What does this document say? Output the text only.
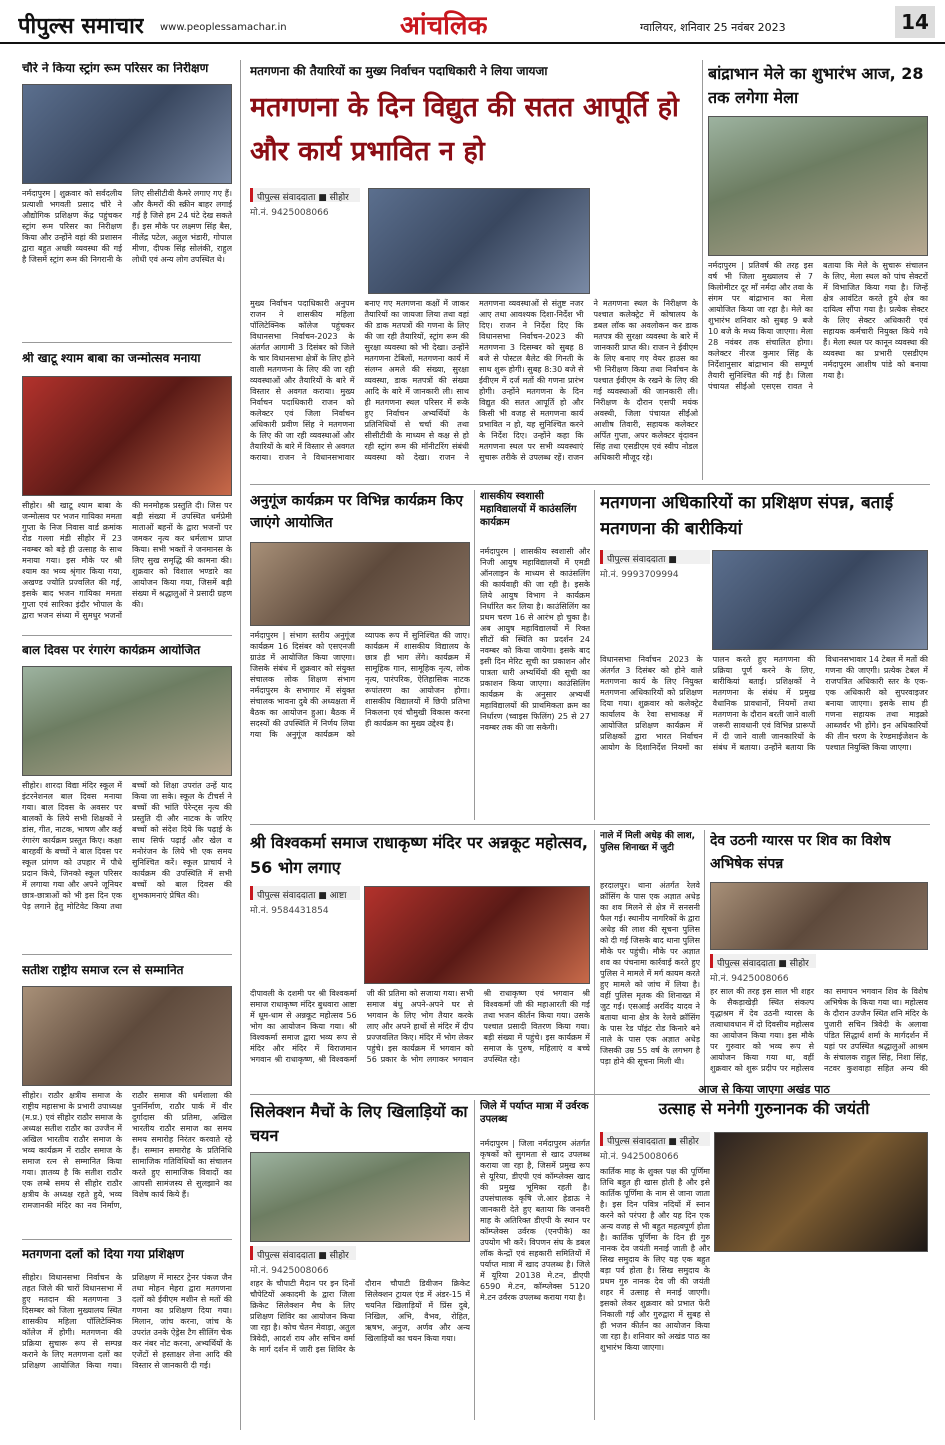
पीपुल्स समाचार www.peoplessamachar.in	आंचलिक	ग्वालियर, शनिवार 25 नवंबर 2023	14
चौरे ने किया स्ट्रांग रूम परिसर का निरीक्षण
नर्मदापुरम | शुक्रवार को सर्वदलीय प्रत्याशी भगवती प्रसाद चौरे ने औद्योगिक प्रशिक्षण केंद्र पहुंचकर स्ट्रांग रूम परिसर का निरीक्षण किया और उन्होंने वहां की प्रशासन द्वारा बहुत अच्छी व्यवस्था की गई है जिसमें स्ट्रांग रूम की निगरानी के लिए सीसीटीवी कैमरे लगाए गए हैं। और कैमरों की स्क्रीन बाहर लगाई गई है जिसे हम 24 घंटे देख सकते हैं। इस मौके पर लक्ष्मण सिंह बैस, नीलेंद्र पटेल, अतुल भंडारी, गोपाल मीणा, दीपक सिंह सोलंकी, राहुल लोधी एवं अन्य लोग उपस्थित थे।
श्री खाटू श्याम बाबा का जन्मोत्सव मनाया
सीहोर। श्री खाटू श्याम बाबा के जन्मोत्सव पर भजन गायिका ममता गुप्ता के निज निवास वार्ड क्रमांक रोड गल्ला मंडी सीहोर में 23 नवम्बर को बड़े ही उत्साह के साथ मनाया गया। इस मौके पर श्री श्याम का भव्य श्रृंगार किया गया, अखण्ड ज्योति प्रज्वलित की गई, इसके बाद भजन गायिका ममता गुप्ता एवं सारिका इंदौर भोपाल के द्वारा भजन संध्या में सुमधुर भजनों की मनमोहक प्रस्तुति दी। जिस पर बड़ी संख्या में उपस्थित धर्मप्रेमी माताओं बहनों के द्वारा भजनों पर जमकर नृत्य कर धर्मलाभ प्राप्त किया। सभी भक्तों ने जनमानस के लिए सुख समृद्धि की कामना की। शुक्रवार को विशाल भण्डारे का आयोजन किया गया, जिसमें बड़ी संख्या में श्रद्धालुओं ने प्रसादी ग्रहण की।
बाल दिवस पर रंगारंग कार्यक्रम आयोजित
सीहोर। शारदा विद्या मंदिर स्कूल में इंटरनेशनल बाल दिवस मनाया गया। बाल दिवस के अवसर पर बालकों के लिये सभी शिक्षकों ने डांस, गीत, नाटक, भाषण और कई रंगारंग कार्यक्रम प्रस्तुत किए। कक्षा बारहवीं के बच्चों ने बाल दिवस पर स्कूल प्रांगण को उपहार में पौधे प्रदान किये, जिनको स्कूल परिसर में लगाया गया और अपने जूनियर छात्र-छात्राओं को भी इस दिन एक पेड़ लगाने हेतु मोटिवेट किया तथा बच्चों को शिक्षा उपरांत उन्हें याद किया जा सके। स्कूल के टीचर्स ने बच्चों की भांति पेरेन्ट्स नृत्य की प्रस्तुति दी और नाटक के जरिए बच्चों को संदेश दिये कि पढ़ाई के साथ सिर्फ पढ़ाई और खेल व मनोरंजन के लिये भी एक समय सुनिश्चित करें। स्कूल प्राचार्य ने कार्यक्रम की उपस्थिति में सभी बच्चों को बाल दिवस की शुभकामनाएं प्रेषित की।
सतीश राष्ट्रीय समाज रत्न से सम्मानित
सीहोर। राठौर क्षत्रीय समाज के राष्ट्रीय महासभा के प्रभारी उपाध्यक्ष (म.प्र.) एवं सीहोर राठौर समाज के अध्यक्ष सतीश राठौर का उज्जैन में अखिल भारतीय राठौर समाज के भव्य कार्यक्रम में राठौर समाज के समाज रत्न से सम्मानित किया गया। ज्ञातव्य है कि सतीश राठौर एक लम्बे समय से सीहोर राठौर क्षत्रीय के अध्यक्ष रहते हुये, भव्य रामजानकी मंदिर का नव निर्माण, राठौर समाज की धर्मशाला की पुनर्निर्माण, राठौर पार्क में वीर दुर्गादास की प्रतिमा, अखिल भारतीय राठौर समाज का समय समय समारोह निरंतर करवाते रहे हैं। सम्मान समारोह के प्रतिनिधि सामाजिक गतिविधियों का संचालन करते हुए सामाजिक विवादों का आपसी सामंजस्य से सुलझाने का विशेष कार्य किये हैं।
मतगणना दलों को दिया गया प्रशिक्षण
सीहोर। विधानसभा निर्वाचन के तहत जिले की चारों विधानसभा में हुए मतदान की मतगणना 3 दिसम्बर को जिला मुख्यालय स्थित शासकीय महिला पॉलिटेक्निक कॉलेज में होगी। मतगणना की प्रक्रिया सुचारू रूप से सम्पन्न कराने के लिए मतगणना दलों का प्रशिक्षण आयोजित किया गया। प्रशिक्षण में मास्टर ट्रेनर पंकज जैन तथा मोहन मेहरा द्वारा मतगणना दलों को ईवीएम मशीन से मतों की गणना का प्रशिक्षण दिया गया। मिलान, जांच करना, जांच के उपरांत उनके ऐड्रेस टैग सीलिंग चेक कर नंबर नोट करना, अभ्यर्थियों के एजेंटों से हस्ताक्षर लेना आदि की विस्तार से जानकारी दी गई।
मतगणना की तैयारियों का मुख्य निर्वाचन पदाधिकारी ने लिया जायजा
मतगणना के दिन विद्युत की सतत आपूर्ति हो और कार्य प्रभावित न हो
पीपुल्स संवाददाता ■ सीहोर
मो.नं. 9425008066
मुख्य निर्वाचन पदाधिकारी अनुपम राजन ने शासकीय महिला पॉलिटेक्निक कॉलेज पहुंचकर विधानसभा निर्वाचन-2023 के अंतर्गत आगामी 3 दिसंबर को जिले के चार विधानसभा क्षेत्रों के लिए होने वाली मतगणना के लिए की जा रही व्यवस्थाओं और तैयारियों के बारे में विस्तार से अवगत कराया। मुख्य निर्वाचन पदाधिकारी राजन को कलेक्टर एवं जिला निर्वाचन अधिकारी प्रवीण सिंह ने मतगणना के लिए की जा रही व्यवस्थाओं और तैयारियों के बारे में विस्तार से अवगत कराया। राजन ने विधानसभावार बनाए गए मतगणना कक्षों में जाकर तैयारियों का जायजा लिया तथा वहां की डाक मतपत्रों की गणना के लिए की जा रही तैयारियों, स्ट्रांग रूम की सुरक्षा व्यवस्था को भी देखा। उन्होंने मतगणना टेबिलों, मतगणना कार्य में संलग्न अमले की संख्या, सुरक्षा व्यवस्था, डाक मतपत्रों की संख्या आदि के बारे में जानकारी ली। साथ ही मतगणना स्थल परिसर में रूके हुए निर्वाचन अभ्यर्थियों के प्रतिनिधियों से चर्चा की तथा सीसीटीवी के माध्यम से कक्ष से हो रही स्ट्रांग रूम की मॉनीटरिंग संबंधी व्यवस्था को देखा। राजन ने मतगणना व्यवस्थाओं से संतुष्ट नजर आए तथा आवश्यक दिशा-निर्देश भी दिए। राजन ने निर्देश दिए कि विधानसभा निर्वाचन-2023 की मतगणना 3 दिसम्बर को सुबह 8 बजे से पोस्टल बैलेट की गिनती के साथ शुरू होगी। सुबह 8:30 बजे से ईवीएम में दर्ज मतों की गणना प्रारंभ होगी। उन्होंने मतगणना के दिन विद्युत की सतत आपूर्ति हो और किसी भी वजह से मतगणना कार्य प्रभावित न हो, यह सुनिश्चित करने के निर्देश दिए। उन्होंने कहा कि मतगणना स्थल पर सभी व्यवस्थाएं सुचारू तरीके से उपलब्ध रहें। राजन ने मतगणना स्थल के निरीक्षण के पश्चात कलेक्ट्रेट में कोषालय के डबल लॉक का अवलोकन कर डाक मतपत्र की सुरक्षा व्यवस्था के बारे में जानकारी प्राप्त की। राजन ने ईवीएम के लिए बनाए गए वेयर हाउस का भी निरीक्षण किया तथा निर्वाचन के पश्चात ईवीएम के रखने के लिए की गई व्यवस्थाओं की जानकारी ली। निरीक्षण के दौरान एसपी मयंक अवस्थी, जिला पंचायत सीईओ आशीष तिवारी, सहायक कलेक्टर अर्पित गुप्ता, अपर कलेक्टर वृंदावन सिंह तथा एसडीएम एवं स्वीप नोडल अधिकारी मौजूद रहे।
बांद्राभान मेले का शुभारंभ आज, 28 तक लगेगा मेला
नर्मदापुरम | प्रतिवर्ष की तरह इस वर्ष भी जिला मुख्यालय से 7 किलोमीटर दूर माँ नर्मदा और तवा के संगम पर बांद्राभान का मेला आयोजित किया जा रहा है। मेले का शुभारंभ शनिवार को सुबह 9 बजे 10 बजे के मध्य किया जाएगा। मेला 28 नवंबर तक संचालित होगा। कलेक्टर नीरज कुमार सिंह के निर्देशानुसार बांद्राभान की सम्पूर्ण तैयारी सुनिश्चित की गई है। जिला पंचायत सीईओ एसएस रावत ने बताया कि मेले के सुचारू संचालन के लिए, मेला स्थल को पांच सेक्टरों में विभाजित किया गया है। जिन्हें क्षेत्र आवंटित करते हुये क्षेत्र का दायित्व सौंपा गया है। प्रत्येक सेक्टर के लिए सेक्टर अधिकारी एवं सहायक कर्मचारी नियुक्त किये गये हैं। मेला स्थल पर कानून व्यवस्था की व्यवस्था का प्रभारी एसडीएम नर्मदापुरम आशीष पांडे को बनाया गया है।
अनुगूंज कार्यक्रम पर विभिन्न कार्यक्रम किए जाएंगे आयोजित
नर्मदापुरम | संभाग स्तरीय अनुगूंज कार्यक्रम 16 दिसंबर को एसएनजी ग्राउंड में आयोजित किया जाएगा। जिसके संबंध में शुक्रवार को संयुक्त संचालक लोक शिक्षण संभाग नर्मदापुरम के सभागार में संयुक्त संचालक भावना दुबे की अध्यक्षता में बैठक का आयोजन हुआ। बैठक में सदस्यों की उपस्थिति में निर्णय लिया गया कि अनुगूंज कार्यक्रम को व्यापक रूप में सुनिश्चित की जाए। कार्यक्रम में शासकीय विद्यालय के छात्र ही भाग लेंगे। कार्यक्रम में सामूहिक गान, सामूहिक नृत्य, लोक नृत्य, पारंपरिक, ऐतिहासिक नाटक रूपांतरण का आयोजन होगा। शासकीय विद्यालयों में छिपी प्रतिभा निकलना एवं चौमुखी विकास करना ही कार्यक्रम का मुख्य उद्देश्य है।
शासकीय स्वशासी महाविद्यालयों में काउंसलिंग कार्यक्रम
नर्मदापुरम | शासकीय स्वशासी और निजी आयुष महाविद्यालयों में एमडी ऑनलाइन के माध्यम से काउंसलिंग की कार्यवाही की जा रही है। इसके लिये आयुष विभाग ने कार्यक्रम निर्धारित कर लिया है। काउंसिलिंग का प्रथम चरण 16 से आरंभ हो चुका है। अब आयुष महाविद्यालयों में रिक्त सीटों की स्थिति का प्रदर्शन 24 नवम्बर को किया जायेगा। इसके बाद इसी दिन मेरिट सूची का प्रकाशन और पात्रता धारी अभ्यर्थियों की सूची का प्रकाशन किया जाएगा। काउंसिलिंग कार्यक्रम के अनुसार अभ्यर्थी महाविद्यालयों की प्राथमिकता क्रम का निर्धारण (च्वाइस फिलिंग) 25 से 27 नवम्बर तक की जा सकेगी।
मतगणना अधिकारियों का प्रशिक्षण संपन्न, बताई मतगणना की बारीकियां
पीपुल्स संवाददाता ■
मो.नं. 9993709994
विधानसभा निर्वाचन 2023 के अंतर्गत 3 दिसंबर को होने वाले मतगणना कार्य के लिए नियुक्त मतगणना अधिकारियों को प्रशिक्षण दिया गया। शुक्रवार को कलेक्ट्रेट कार्यालय के रेवा सभाकक्ष में आयोजित प्रशिक्षण कार्यक्रम में प्रशिक्षकों द्वारा भारत निर्वाचन आयोग के दिशानिर्देश नियमों का पालन करते हुए मतगणना की प्रक्रिया पूर्ण करने के लिए, बारीकियां बताई। प्रशिक्षकों ने मतगणना के संबंध में प्रमुख वैधानिक प्रावधानों, नियमों तथा मतगणना के दौरान बरती जाने वाली जरूरी सावधानी एवं विभिन्न प्रारूपों में दी जाने वाली जानकारियों के संबंध में बताया। उन्होंने बताया कि विधानसभावार 14 टेबल में मतों की गणना की जाएगी। प्रत्येक टेबल में राजपत्रित अधिकारी स्तर के एक-एक अधिकारी को सुपरवाइजर बनाया जाएगा। इसके साथ ही गणना सहायक तथा माइक्रो आब्जर्वर भी होंगे। इन अधिकारियों की तीन चरण के रेण्डमाईजेशन के पश्चात नियुक्ति किया जाएगा।
श्री विश्वकर्मा समाज राधाकृष्ण मंदिर पर अन्नकूट महोत्सव, 56 भोग लगाए
पीपुल्स संवाददाता ■ आष्टा
मो.नं. 9584431854
दीपावली के दशमी पर श्री विश्वकर्मा समाज राधाकृष्ण मंदिर बुधवारा आष्टा में धूम-धाम से अन्नकूट महोत्सव 56 भोग का आयोजन किया गया। श्री विश्वकर्मा समाज द्वारा भव्य रूप से मंदिर और मंदिर में विराजमान भगवान श्री राधाकृष्ण, श्री विश्वकर्मा जी की प्रतिमा को सजाया गया। सभी समाज बंधु अपने-अपने घर से भगवान के लिए भोग तैयार करके लाए और अपने हाथों से मंदिर में दीप प्रज्जवलित किए। मंदिर में भोग लेकर पहुंचे। इस कार्यक्रम में भगवान को 56 प्रकार के भोग लगाकर भगवान श्री राधाकृष्ण एवं भगवान श्री विश्वकर्मा जी की महाआरती की गई तथा भजन कीर्तन किया गया। उसके पश्चात प्रसादी वितरण किया गया। बड़ी संख्या में पहुंचे। इस कार्यक्रम में समाज के पुरुष, महिलाएं व बच्चे उपस्थित रहे।
नाले में मिली अधेड़ की लाश, पुलिस शिनाख्त में जुटी
हरदालपुर। थाना अंतर्गत रेलवे क्रॉसिंग के पास एक अज्ञात अधेड़ का शव मिलने से क्षेत्र में सनसनी फैल गई। स्थानीय नागरिकों के द्वारा अधेड़ की लाश की सूचना पुलिस को दी गई जिसके बाद थाना पुलिस मौके पर पहुंची। मौके पर अज्ञात शव का पंचनामा कार्रवाई करते हुए पुलिस ने मामले में मर्ग कायम करते हुए मामले को जांच में लिया है। वहीं पुलिस मृतक की शिनाख्त में जुट गई। एसआई अरविंद यादव ने बताया थाना क्षेत्र के रेलवे क्रॉसिंग के पास रेड पॉइंट रोड किनारे बने नाले के पास एक अज्ञात अधेड़ जिसकी उम्र 55 वर्ष के लगभग है पड़ा होने की सूचना मिली थी।
देव उठनी ग्यारस पर शिव का विशेष अभिषेक संपन्न
पीपुल्स संवाददाता ■ सीहोर
मो.नं. 9425008066
हर साल की तरह इस साल भी शहर के सैकड़ाखेड़ी स्थित संकल्प वृद्धाश्रम में देव उठनी ग्यारस के तत्वाधावधान में दो दिवसीय महोत्सव का आयोजन किया गया। इस मौके पर गुरुवार को भव्य रूप से आयोजन किया गया था, वहीं शुक्रवार को शुरू प्रदीप पर महोत्सव का समापन भगवान शिव के विशेष अभिषेक के किया गया था। महोत्सव के दौरान उज्जैन स्थित शनि मंदिर के पुजारी सचिन त्रिवेदी के अलावा पंडित सिद्धार्थ शर्मा के मार्गदर्शन में यहां पर उपस्थित श्रद्धालुओं आश्रम के संचालक राहुल सिंह, निशा सिंह, नटवर कुशवाहा सहित अन्य की
सिलेक्शन मैचों के लिए खिलाड़ियों का चयन
पीपुल्स संवाददाता ■ सीहोर
मो.नं. 9425008066
शहर के चौपाटी मैदान पर इन दिनों चौपेटियों अकादमी के द्वारा जिला क्रिकेट सिलेक्शन मैच के लिए प्रशिक्षण शिविर का आयोजन किया जा रहा है। कोच चेतन मेवाड़ा, अतुल त्रिवेदी, आदर्श राय और सचिन वर्मा के मार्ग दर्शन में जारी इस शिविर के दौरान चौपाटी डिवीजन क्रिकेट सिलेक्शन ट्रायल एंड में अंडर-15 में चयनित खिलाड़ियों में प्रिंस दुबे, निखिल, अभि, वैभव, रोहित, ऋषभ, अनुज, अर्णव और अन्य खिलाड़ियों का चयन किया गया।
जिले में पर्याप्त मात्रा में उर्वरक उपलब्ध
नर्मदापुरम | जिला नर्मदापुरम अंतर्गत कृषकों को सुगमता से खाद उपलब्ध कराया जा रहा है, जिसमें प्रमुख रूप से यूरिया, डीएपी एवं कॉम्प्लेक्स खाद की प्रमुख भूमिका रहती है। उपसंचालक कृषि जे.आर हेडाऊ ने जानकारी देते हुए बताया कि जनवरी माह के अतिरिक्त डीएपी के स्थान पर कॉम्प्लेक्स उर्वरक (एनपीके) का उपयोग भी करें। विपणन संघ के डबल लॉक केन्द्रों एवं सहकारी समितियों में पर्याप्त मात्रा में खाद उपलब्ध है। जिले में यूरिया 20138 मे.टन, डीएपी 6590 मे.टन, कॉम्प्लेक्स 5120 मे.टन उर्वरक उपलब्ध कराया गया है।
आज से किया जाएगा अखंड पाठ
उत्साह से मनेगी गुरुनानक की जयंती
पीपुल्स संवाददाता ■ सीहोर
मो.नं. 9425008066
कार्तिक माह के शुक्ल पक्ष की पूर्णिमा तिथि बहुत ही खास होती है और इसे कार्तिक पूर्णिमा के नाम से जाना जाता है। इस दिन पवित्र नदियों में स्नान करने को परंपरा है और यह दिन एक अन्य वजह से भी बहुत महत्वपूर्ण होता है। कार्तिक पूर्णिमा के दिन ही गुरु नानक देव जयंती मनाई जाती है और सिख समुदाय के लिए यह एक बहुत बड़ा पर्व होता है। सिख समुदाय के प्रथम गुरु नानक देव जी की जयंती शहर में उत्साह से मनाई जाएगी। इसको लेकर शुक्रवार को प्रभात फेरी निकाली गई और गुरुद्वारा में सुबह से ही भजन कीर्तन का आयोजन किया जा रहा है। शनिवार को अखंड पाठ का शुभारंभ किया जाएगा।
